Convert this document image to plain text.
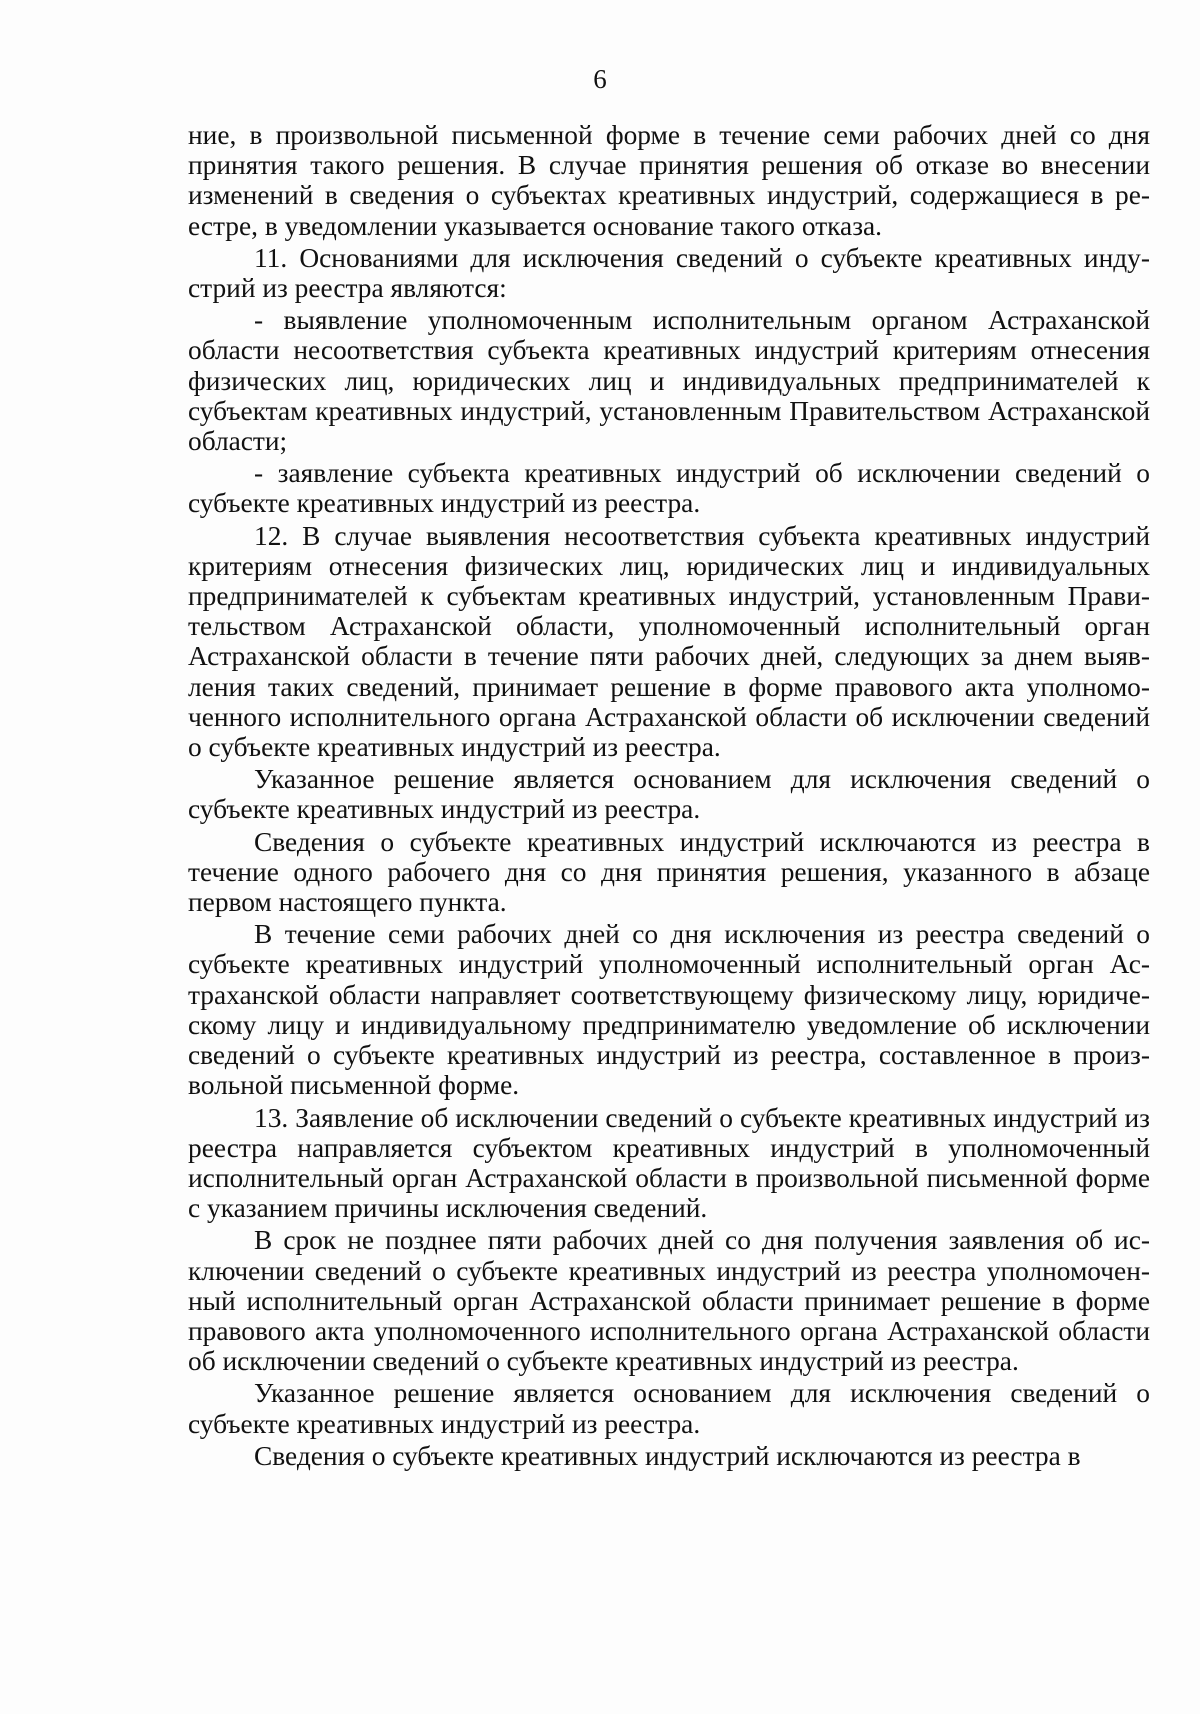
6

ние, в произвольной письменной форме в течение семи рабочих дней со дня принятия такого решения. В случае принятия решения об отказе во внесении изменений в сведения о субъектах креативных индустрий, содержащиеся в реестре, в уведомлении указывается основание такого отказа.

11. Основаниями для исключения сведений о субъекте креативных индустрий из реестра являются:

- выявление уполномоченным исполнительным органом Астраханской области несоответствия субъекта креативных индустрий критериям отнесения физических лиц, юридических лиц и индивидуальных предпринимателей к субъектам креативных индустрий, установленным Правительством Астраханской области;

- заявление субъекта креативных индустрий об исключении сведений о субъекте креативных индустрий из реестра.

12. В случае выявления несоответствия субъекта креативных индустрий критериям отнесения физических лиц, юридических лиц и индивидуальных предпринимателей к субъектам креативных индустрий, установленным Правительством Астраханской области, уполномоченный исполнительный орган Астраханской области в течение пяти рабочих дней, следующих за днем выявления таких сведений, принимает решение в форме правового акта уполномоченного исполнительного органа Астраханской области об исключении сведений о субъекте креативных индустрий из реестра.

Указанное решение является основанием для исключения сведений о субъекте креативных индустрий из реестра.

Сведения о субъекте креативных индустрий исключаются из реестра в течение одного рабочего дня со дня принятия решения, указанного в абзаце первом настоящего пункта.

В течение семи рабочих дней со дня исключения из реестра сведений о субъекте креативных индустрий уполномоченный исполнительный орган Астраханской области направляет соответствующему физическому лицу, юридическому лицу и индивидуальному предпринимателю уведомление об исключении сведений о субъекте креативных индустрий из реестра, составленное в произвольной письменной форме.

13. Заявление об исключении сведений о субъекте креативных индустрий из реестра направляется субъектом креативных индустрий в уполномоченный исполнительный орган Астраханской области в произвольной письменной форме с указанием причины исключения сведений.

В срок не позднее пяти рабочих дней со дня получения заявления об исключении сведений о субъекте креативных индустрий из реестра уполномоченный исполнительный орган Астраханской области принимает решение в форме правового акта уполномоченного исполнительного органа Астраханской области об исключении сведений о субъекте креативных индустрий из реестра.

Указанное решение является основанием для исключения сведений о субъекте креативных индустрий из реестра.

Сведения о субъекте креативных индустрий исключаются из реестра в
